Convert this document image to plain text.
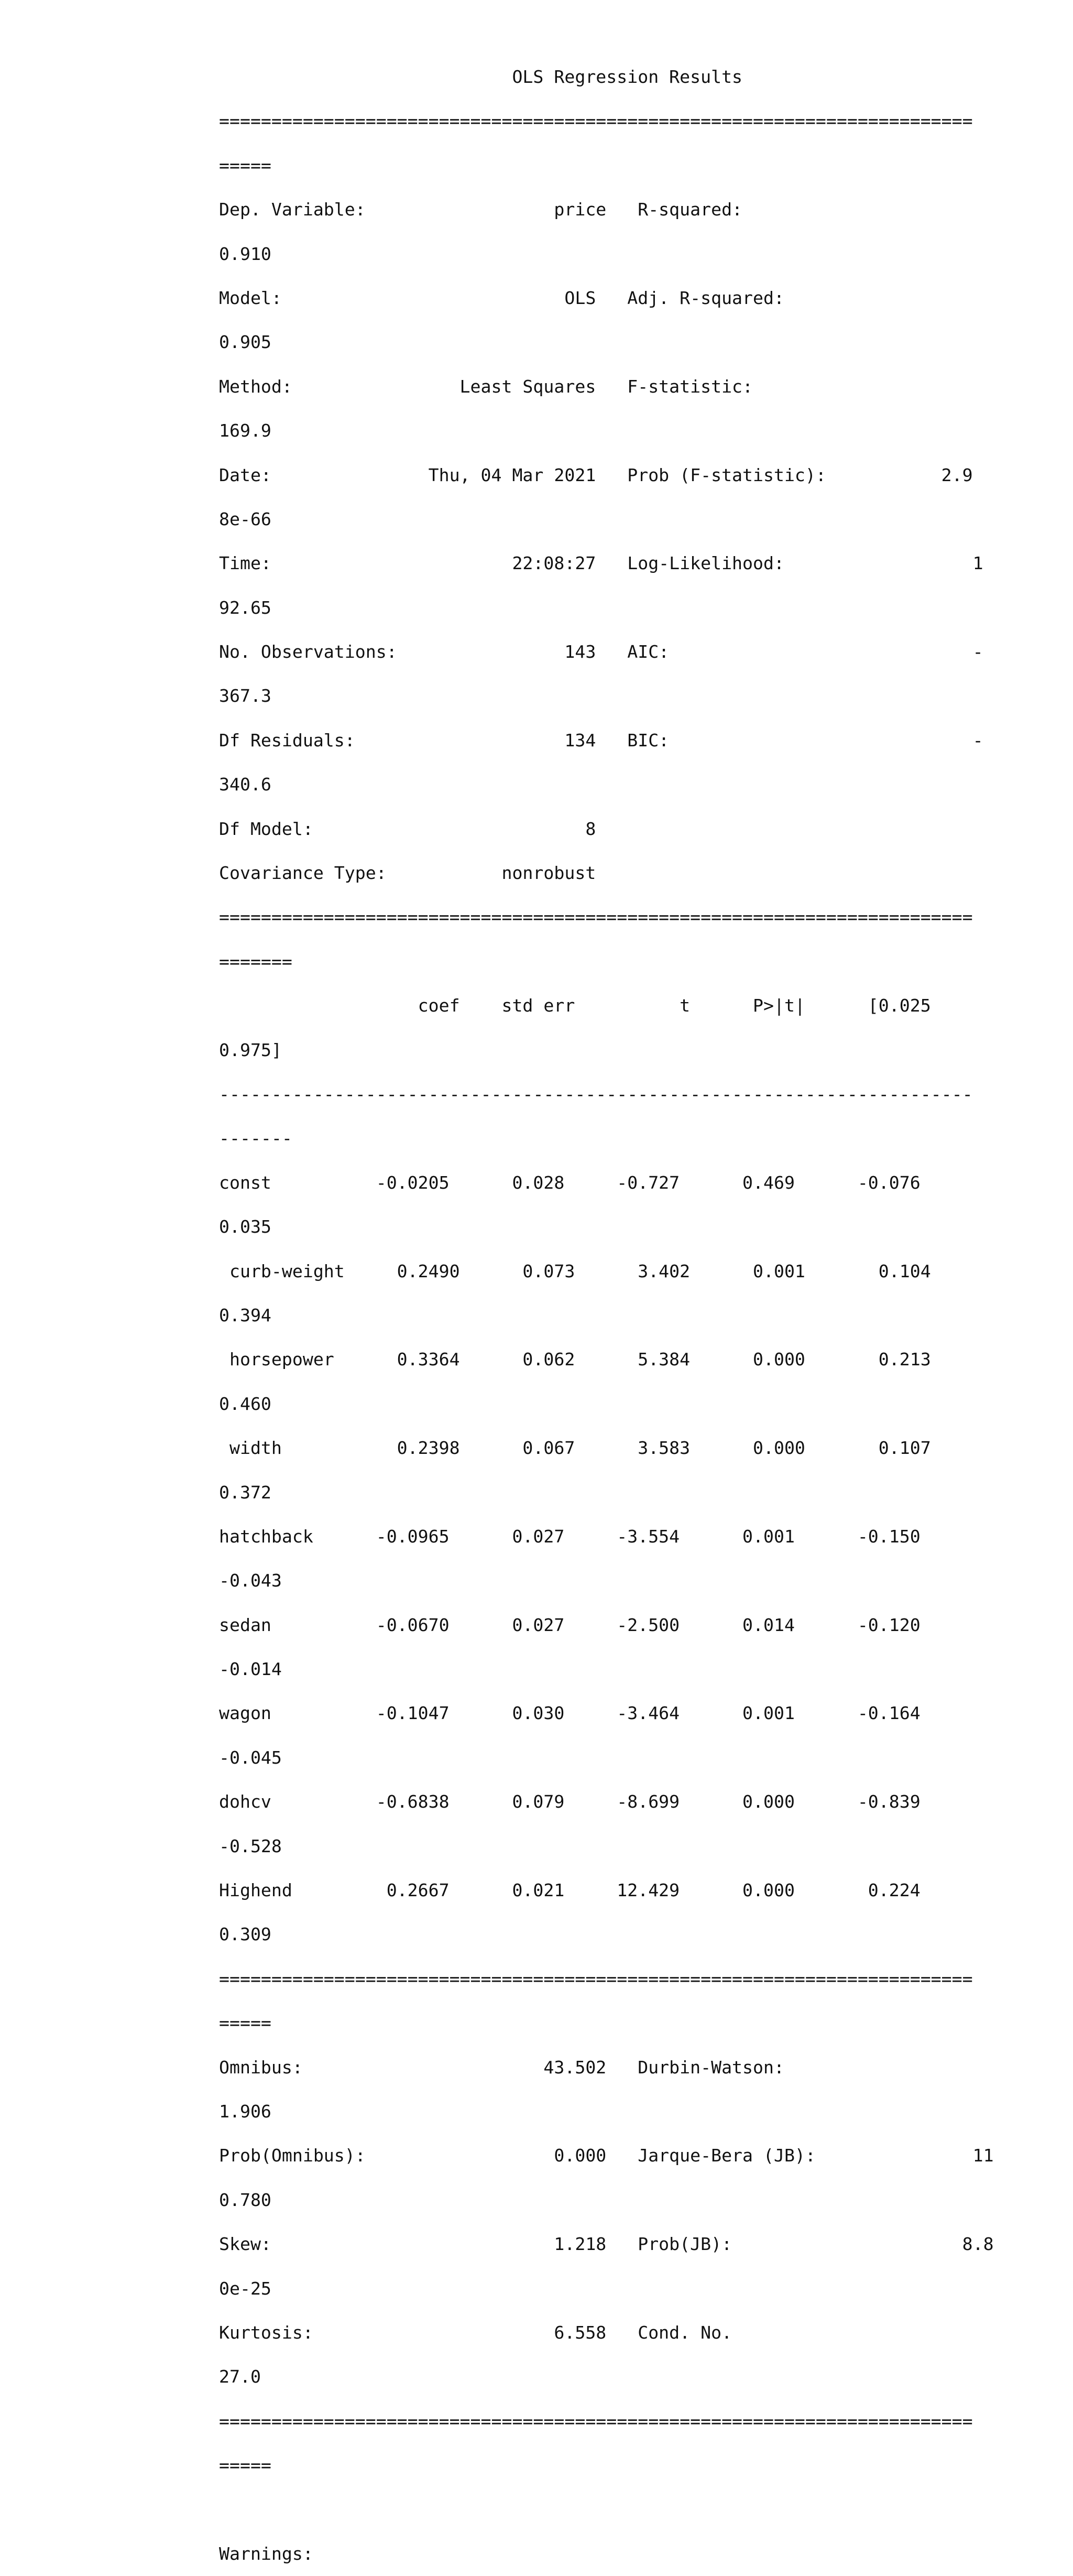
OLS Regression Results
========================================================================
=====
Dep. Variable:                  price   R-squared:
0.910
Model:                           OLS   Adj. R-squared:
0.905
Method:                Least Squares   F-statistic:
169.9
Date:               Thu, 04 Mar 2021   Prob (F-statistic):           2.9
8e-66
Time:                       22:08:27   Log-Likelihood:                  1
92.65
No. Observations:                143   AIC:                             -
367.3
Df Residuals:                    134   BIC:                             -
340.6
Df Model:                          8
Covariance Type:           nonrobust
========================================================================
=======
coef    std err          t      P>|t|      [0.025
0.975]
------------------------------------------------------------------------
-------
const          -0.0205      0.028     -0.727      0.469      -0.076
0.035
curb-weight     0.2490      0.073      3.402      0.001       0.104
0.394
horsepower      0.3364      0.062      5.384      0.000       0.213
0.460
width           0.2398      0.067      3.583      0.000       0.107
0.372
hatchback      -0.0965      0.027     -3.554      0.001      -0.150
-0.043
sedan          -0.0670      0.027     -2.500      0.014      -0.120
-0.014
wagon          -0.1047      0.030     -3.464      0.001      -0.164
-0.045
dohcv          -0.6838      0.079     -8.699      0.000      -0.839
-0.528
Highend         0.2667      0.021     12.429      0.000       0.224
0.309
========================================================================
=====
Omnibus:                       43.502   Durbin-Watson:
1.906
Prob(Omnibus):                  0.000   Jarque-Bera (JB):               11
0.780
Skew:                           1.218   Prob(JB):                      8.8
0e-25
Kurtosis:                       6.558   Cond. No.
27.0
========================================================================
=====
Warnings:
